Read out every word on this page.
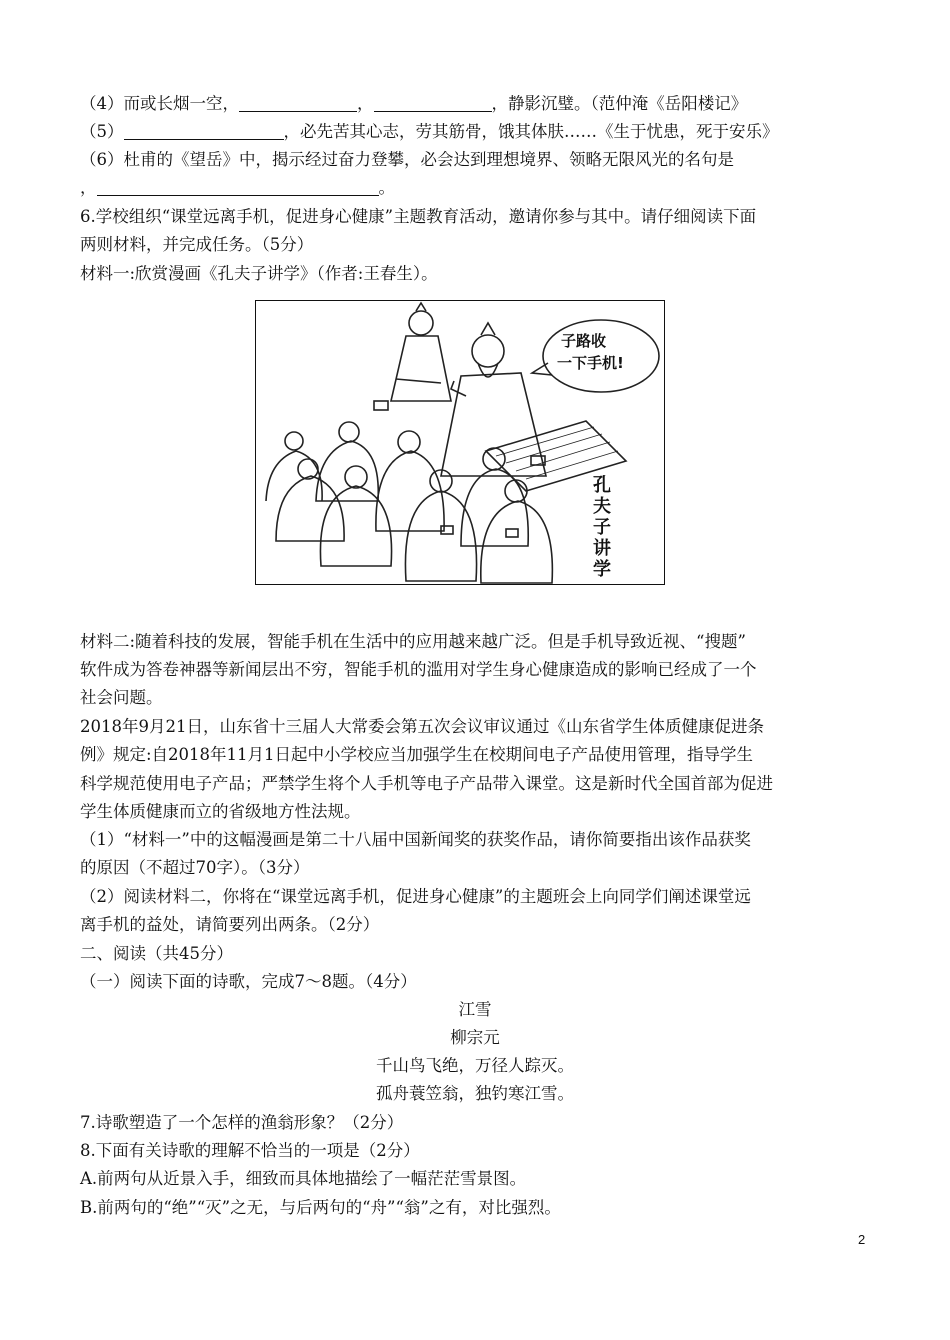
（4）而或长烟一空，	，	，静影沉璧。（范仲淹《岳阳楼记》
（5）	，必先苦其心志，劳其筋骨，饿其体肤……《生于忧患，死于安乐》
（6）杜甫的《望岳》中，揭示经过奋力登攀，必会达到理想境界、领略无限风光的名句是
，	。
6.学校组织“课堂远离手机，促进身心健康”主题教育活动，邀请你参与其中。请仔细阅读下面
两则材料，并完成任务。（5分）
材料一:欣赏漫画《孔夫子讲学》（作者:王春生）。
子路收
一下手机!
孔夫子讲学
材料二:随着科技的发展，智能手机在生活中的应用越来越广泛。但是手机导致近视、“搜题”
软件成为答卷神器等新闻层出不穷，智能手机的滥用对学生身心健康造成的影响已经成了一个
社会问题。
2018年9月21日，山东省十三届人大常委会第五次会议审议通过《山东省学生体质健康促进条
例》规定:自2018年11月1日起中小学校应当加强学生在校期间电子产品使用管理，指导学生
科学规范使用电子产品；严禁学生将个人手机等电子产品带入课堂。这是新时代全国首部为促进
学生体质健康而立的省级地方性法规。
（1）“材料一”中的这幅漫画是第二十八届中国新闻奖的获奖作品，请你简要指出该作品获奖
的原因（不超过70字）。（3分）
（2）阅读材料二，你将在“课堂远离手机，促进身心健康”的主题班会上向同学们阐述课堂远
离手机的益处，请简要列出两条。（2分）
二、阅读（共45分）
（一）阅读下面的诗歌，完成7～8题。（4分）
江雪
柳宗元
千山鸟飞绝，万径人踪灭。
孤舟蓑笠翁，独钓寒江雪。
7.诗歌塑造了一个怎样的渔翁形象？（2分）
8.下面有关诗歌的理解不恰当的一项是（2分）
A.前两句从近景入手，细致而具体地描绘了一幅茫茫雪景图。
B.前两句的“绝”“灭”之无，与后两句的“舟”“翁”之有，对比强烈。
2
